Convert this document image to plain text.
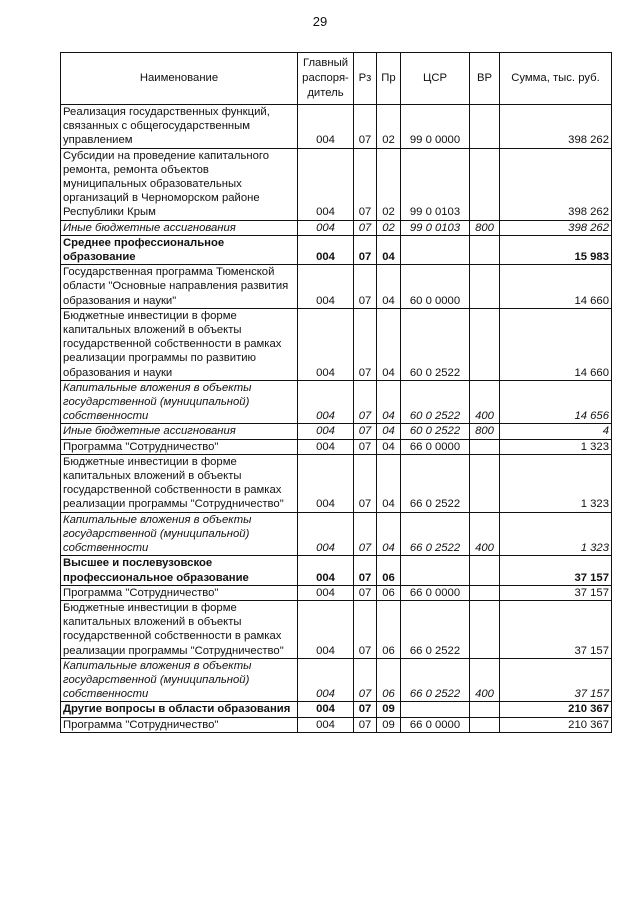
29
Наименование	Главный распоря-дитель	Рз	Пр	ЦСР	ВР	Сумма, тыс. руб.
Реализация государственных функций, связанных с общегосударственным управлением	004	07	02	99 0 0000		398 262
Субсидии на проведение капитального ремонта, ремонта объектов муниципальных образовательных организаций в Черноморском районе Республики Крым	004	07	02	99 0 0103		398 262
Иные бюджетные ассигнования	004	07	02	99 0 0103	800	398 262
Среднее профессиональное образование	004	07	04			15 983
Государственная программа Тюменской области "Основные направления развития образования и науки"	004	07	04	60 0 0000		14 660
Бюджетные инвестиции в форме капитальных вложений в объекты государственной собственности в рамках реализации программы по развитию образования и науки	004	07	04	60 0 2522		14 660
Капитальные вложения в объекты государственной (муниципальной) собственности	004	07	04	60 0 2522	400	14 656
Иные бюджетные ассигнования	004	07	04	60 0 2522	800	4
Программа "Сотрудничество"	004	07	04	66 0 0000		1 323
Бюджетные инвестиции в форме капитальных вложений в объекты государственной собственности в рамках реализации программы "Сотрудничество"	004	07	04	66 0 2522		1 323
Капитальные вложения в объекты государственной (муниципальной) собственности	004	07	04	66 0 2522	400	1 323
Высшее и послевузовское профессиональное образование	004	07	06			37 157
Программа "Сотрудничество"	004	07	06	66 0 0000		37 157
Бюджетные инвестиции в форме капитальных вложений в объекты государственной собственности в рамках реализации программы "Сотрудничество"	004	07	06	66 0 2522		37 157
Капитальные вложения в объекты государственной (муниципальной) собственности	004	07	06	66 0 2522	400	37 157
Другие вопросы в области образования	004	07	09			210 367
Программа "Сотрудничество"	004	07	09	66 0 0000		210 367
